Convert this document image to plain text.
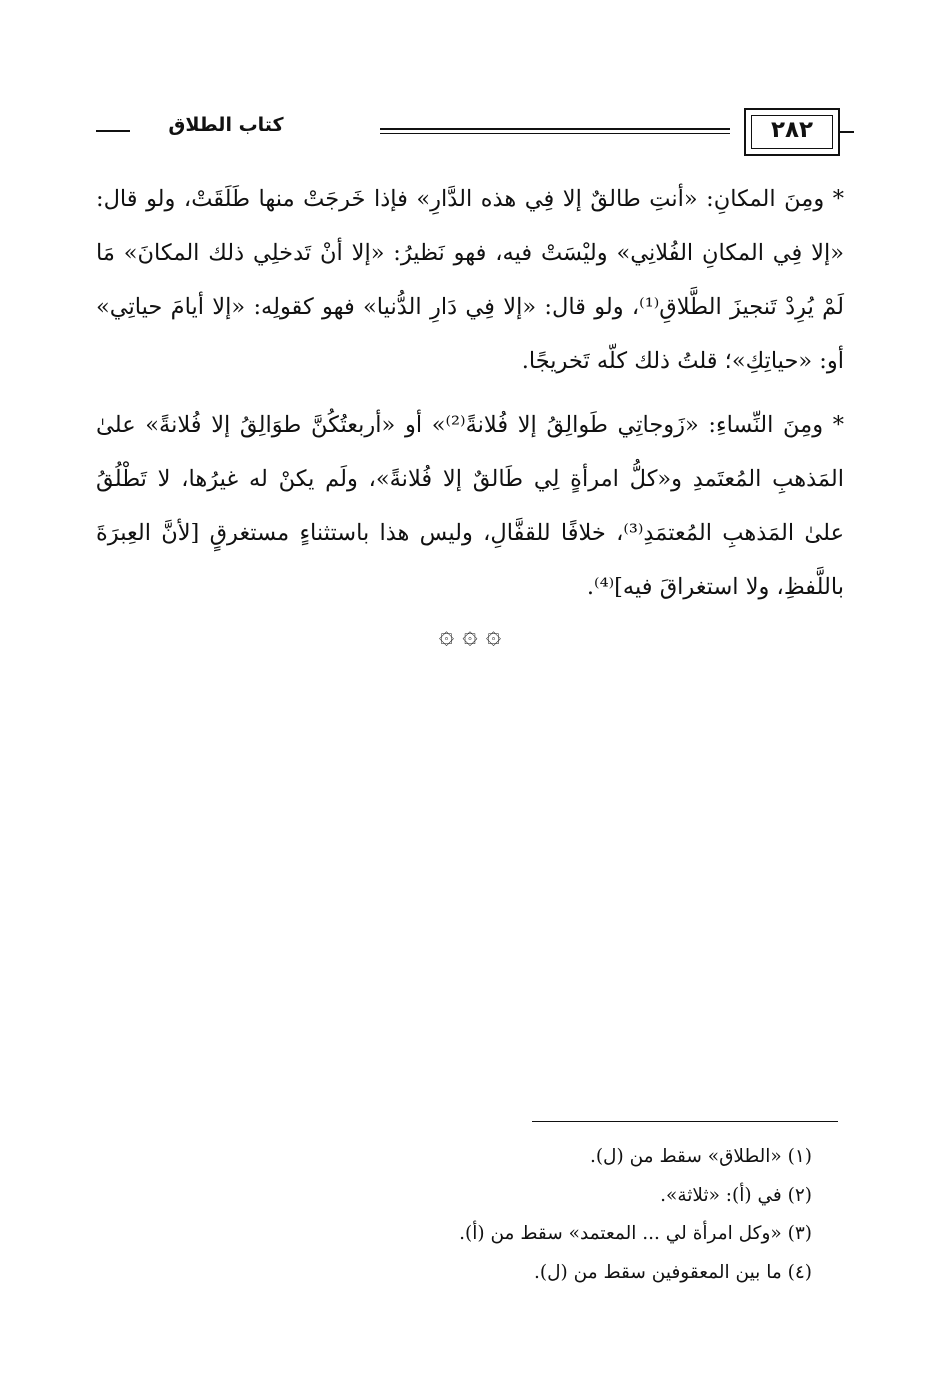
٢٨٢
كتاب الطلاق

* ومِنَ المكانِ: «أنتِ طالقٌ إلا فِي هذه الدَّارِ» فإذا خَرجَتْ منها طَلَقَتْ، ولو قال: «إلا فِي المكانِ الفُلانِي» وليْسَتْ فيه، فهو نَظيرُ: «إلا أنْ تَدخلِي ذلك المكانَ» مَا لَمْ يُرِدْ تَنجيزَ الطَّلاقِ⁽¹⁾، ولو قال: «إلا فِي دَارِ الدُّنيا» فهو كقولِه: «إلا أيامَ حياتِي» أو: «حياتِكِ»؛ قلتُ ذلك كلّه تَخريجًا.

* ومِنَ النِّساءِ: «زَوجاتِي طَوالِقُ إلا فُلانةً⁽²⁾» أو «أربعتُكُنَّ طوَالِقُ إلا فُلانةً» علىٰ المَذهبِ المُعتَمدِ و«كلُّ امرأةٍ لِي طَالقٌ إلا فُلانةً»، ولَم يكنْ له غيرُها، لا تَطْلُقُ علىٰ المَذهبِ المُعتمَدِ⁽³⁾، خلافًا للقفَّالِ، وليس هذا باستثناءٍ مستغرقٍ [لأنَّ العِبرَةَ باللَّفظِ، ولا استغراقَ فيه]⁽⁴⁾.

۞ ۞ ۞
(١) «الطلاق» سقط من (ل).
(٢) في (أ): «ثلاثة».
(٣) «وكل امرأة لي ... المعتمد» سقط من (أ).
(٤) ما بين المعقوفين سقط من (ل).
